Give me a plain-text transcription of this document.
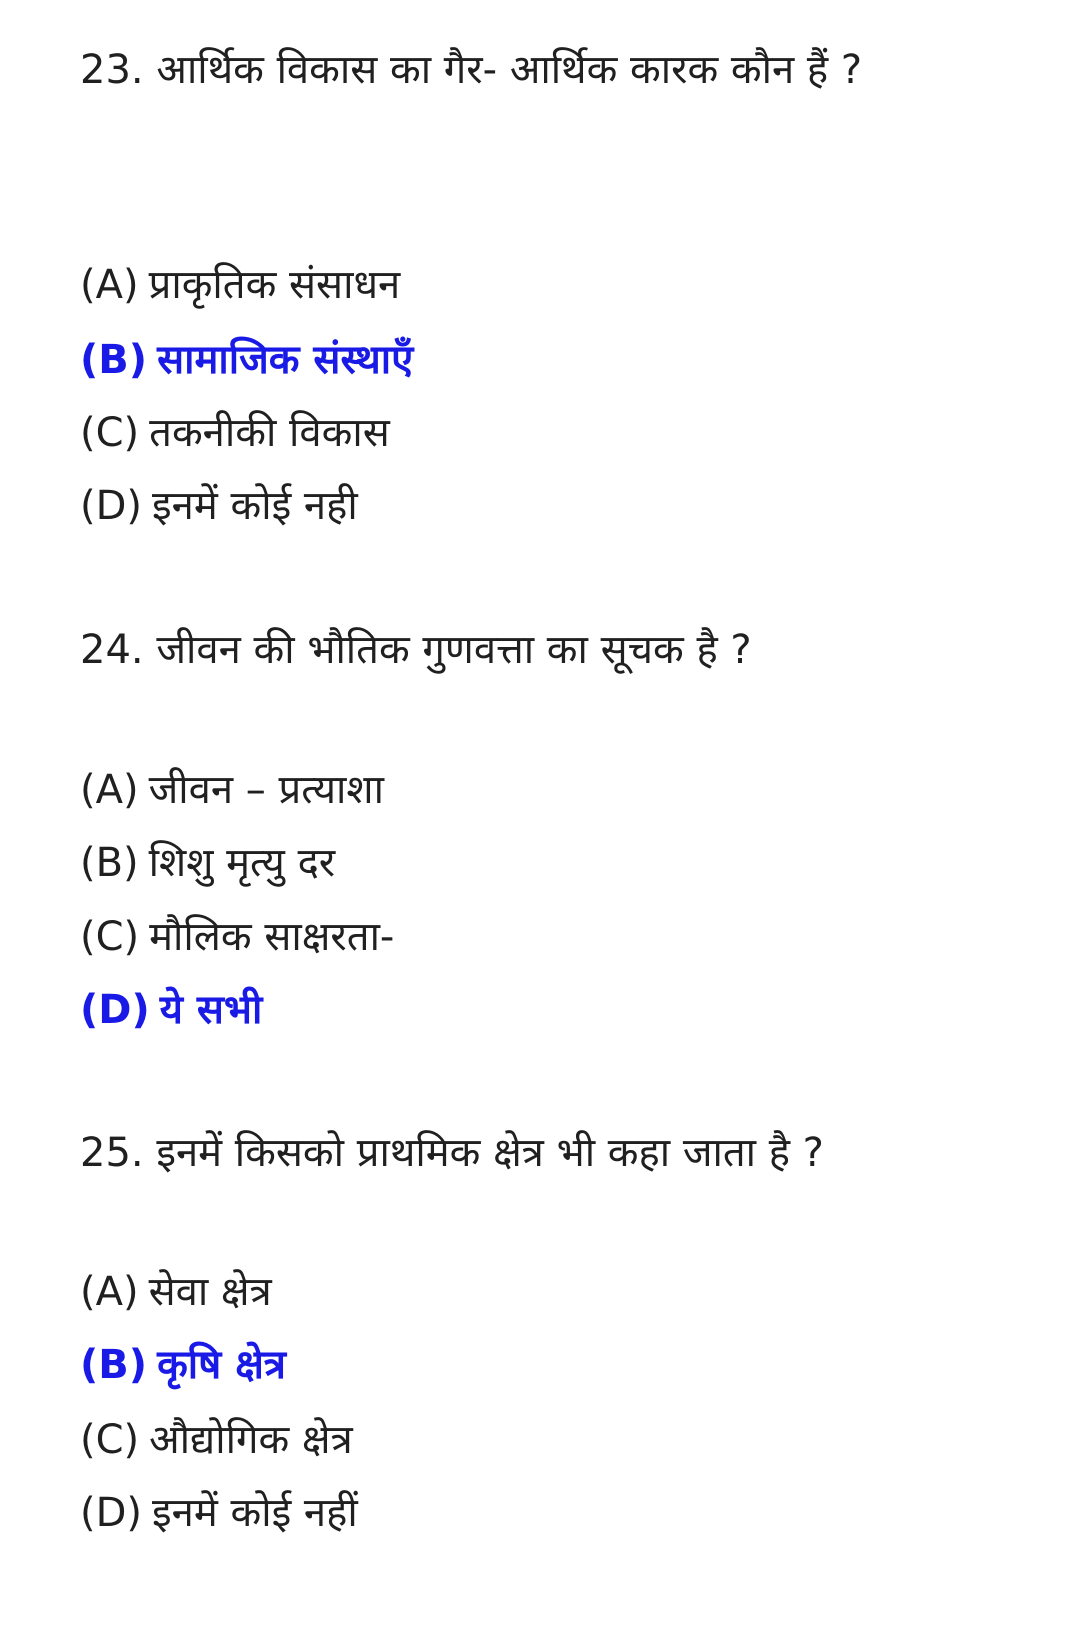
23. आर्थिक विकास का गैर- आर्थिक कारक कौन हैं ?
(A) प्राकृतिक संसाधन
(B) सामाजिक संस्थाएँ
(C) तकनीकी विकास
(D) इनमें कोई नही
24. जीवन की भौतिक गुणवत्ता का सूचक है ?
(A) जीवन – प्रत्याशा
(B) शिशु मृत्यु दर
(C) मौलिक साक्षरता-
(D) ये सभी
25. इनमें किसको प्राथमिक क्षेत्र भी कहा जाता है ?
(A) सेवा क्षेत्र
(B) कृषि क्षेत्र
(C) औद्योगिक क्षेत्र
(D) इनमें कोई नहीं
